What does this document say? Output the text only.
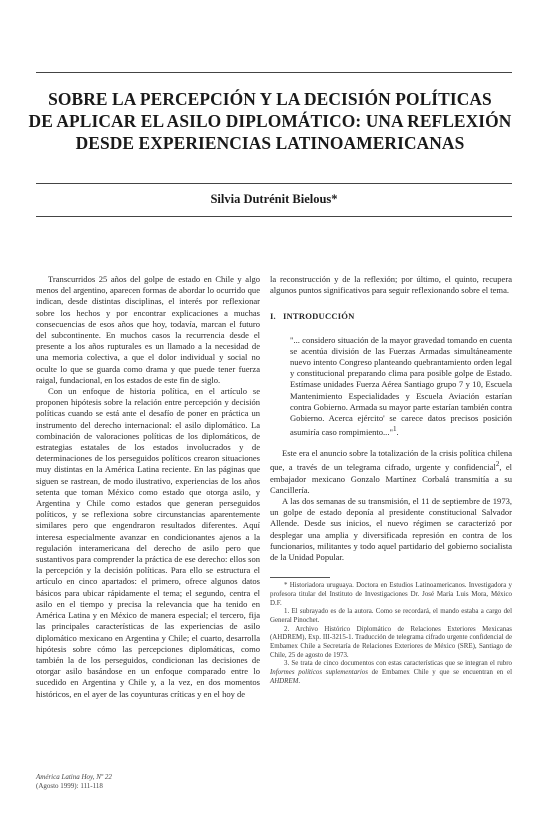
SOBRE LA PERCEPCIÓN Y LA DECISIÓN POLÍTICAS
DE APLICAR EL ASILO DIPLOMÁTICO: UNA REFLEXIÓN
DESDE EXPERIENCIAS LATINOAMERICANAS
Silvia Dutrénit Bielous*

Transcurridos 25 años del golpe de estado en Chile y algo menos del argentino, aparecen formas de abordar lo ocurrido que indican, desde distintas disciplinas, el interés por reflexionar sobre los hechos y por encontrar explicaciones a muchas consecuencias de esos años que hoy, todavía, marcan el futuro del subcontinente. En muchos casos la recurrencia desde el presente a los años rupturales es un llamado a la necesidad de una memoria colectiva, a que el dolor individual y social no oculte lo que se guarda como drama y que puede tener fuerza raigal, fundacional, en los estados de este fin de siglo.

Con un enfoque de historia política, en el artículo se proponen hipótesis sobre la relación entre percepción y decisión políticas cuando se está ante el desafío de poner en práctica un instrumento del derecho internacional: el asilo diplomático. La combinación de valoraciones políticas de los diplomáticos, de estrategias estatales de los estados involucrados y de determinaciones de los perseguidos políticos crearon situaciones muy distintas en la América Latina reciente. En las páginas que siguen se rastrean, de modo ilustrativo, experiencias de los años setenta que toman México como estado que otorga asilo, y Argentina y Chile como estados que generan perseguidos políticos, y se reflexiona sobre circunstancias aparentemente similares pero que engendraron resultados diferentes. Aquí interesa especialmente avanzar en condicionantes ajenos a la regulación interamericana del derecho de asilo pero que sustantivos para comprender la práctica de ese derecho: ellos son la percepción y la decisión políticas. Para ello se estructura el artículo en cinco apartados: el primero, ofrece algunos datos básicos para ubicar rápidamente el tema; el segundo, centra el asilo en el tiempo y precisa la relevancia que ha tenido en América Latina y en México de manera especial; el tercero, fija las principales características de las experiencias de asilo diplomático mexicano en Argentina y Chile; el cuarto, desarrolla hipótesis sobre cómo las percepciones diplomáticas, como también la de los perseguidos, condicionan las decisiones de otorgar asilo basándose en un enfoque comparado entre lo sucedido en Argentina y Chile y, a la vez, en dos momentos históricos, en el ayer de las coyunturas críticas y en el hoy de

la reconstrucción y de la reflexión; por último, el quinto, recupera algunos puntos significativos para seguir reflexionando sobre el tema.

I. INTRODUCCIÓN

"... considero situación de la mayor gravedad tomando en cuenta se acentúa división de las Fuerzas Armadas simultáneamente nuevo intento Congreso planteando quebrantamiento orden legal y constitucional preparando clima para posible golpe de Estado. Estímase unidades Fuerza Aérea Santiago grupo 7 y 10, Escuela Mantenimiento Especialidades y Escuela Aviación estarían contra Gobierno. Armada su mayor parte estarían también contra Gobierno. Acerca ejército' se carece datos precisos posición asumiría caso rompimiento..."$^1$.

Este era el anuncio sobre la totalización de la crisis política chilena que, a través de un telegrama cifrado, urgente y confidencial$^2$, el embajador mexicano Gonzalo Martínez Corbalá transmitía a su Cancillería.

A las dos semanas de su transmisión, el 11 de septiembre de 1973, un golpe de estado deponía al presidente constitucional Salvador Allende. Desde sus inicios, el nuevo régimen se caracterizó por desplegar una amplia y diversificada represión en contra de los funcionarios, militantes y todo aquel partidario del gobierno socialista de la Unidad Popular.

* Historiadora uruguaya. Doctora en Estudios Latinoamericanos. Investigadora y profesora titular del Instituto de Investigaciones Dr. José María Luis Mora, México D.F.

1. El subrayado es de la autora. Como se recordará, el mando estaba a cargo del General Pinochet.

2. Archivo Histórico Diplomático de Relaciones Exteriores Mexicanas (AHDREM), Exp. III-3215-1. Traducción de telegrama cifrado urgente confidencial de Embamex Chile a Secretaría de Relaciones Exteriores de México (SRE), Santiago de Chile, 25 de agosto de 1973.

3. Se trata de cinco documentos con estas características que se integran el rubro Informes políticos suplementarios de Embamex Chile y que se encuentran en el AHDREM.

América Latina Hoy, Nº 22
(Agosto 1999): 111-118
